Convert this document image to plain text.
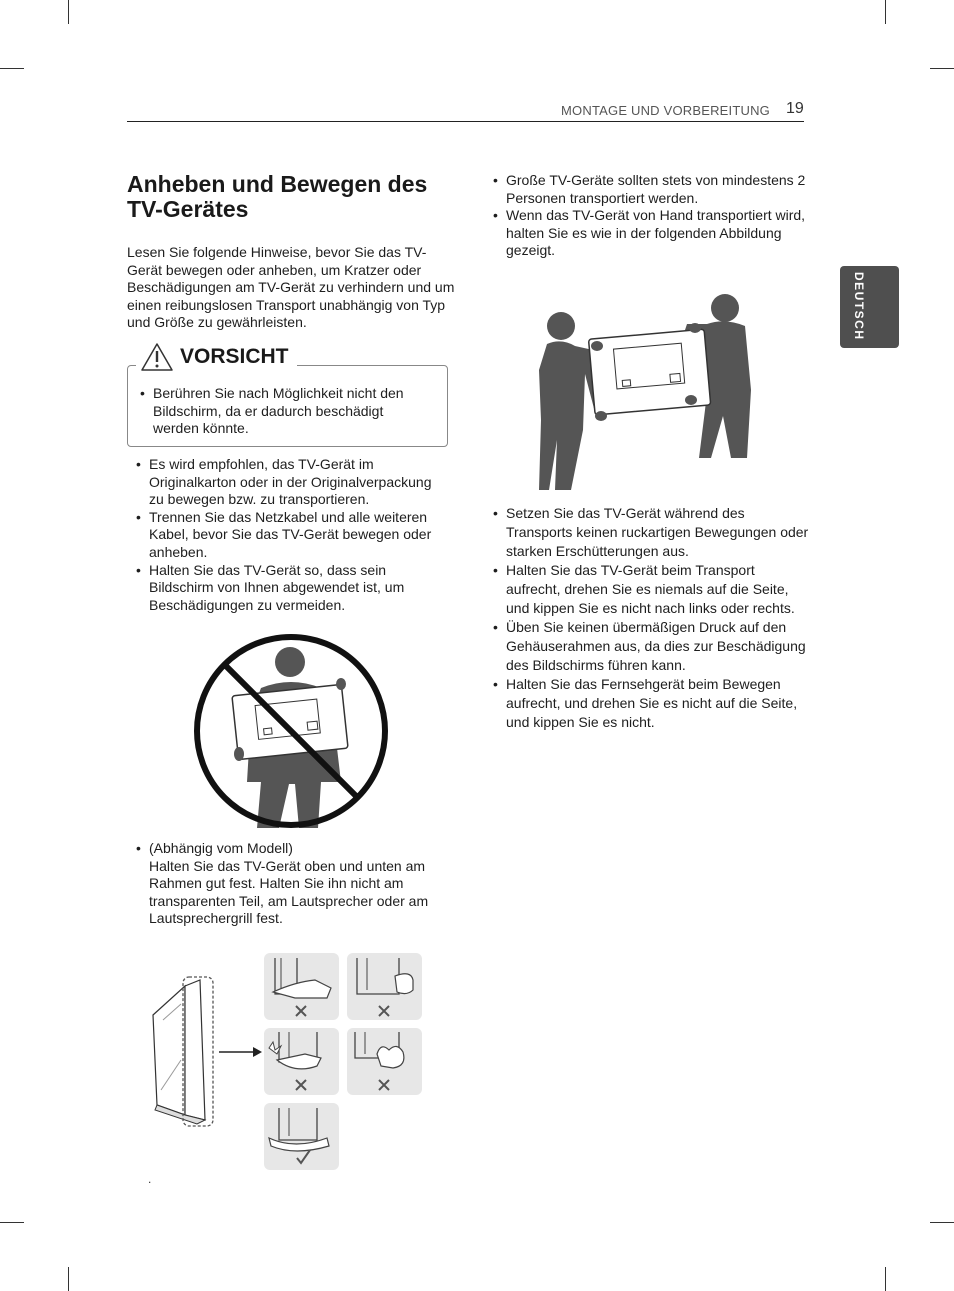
MONTAGE UND VORBEREITUNG 19
DEUTSCH
Anheben und Bewegen des TV-Gerätes

Lesen Sie folgende Hinweise, bevor Sie das TV-Gerät bewegen oder anheben, um Kratzer oder Beschädigungen am TV-Gerät zu verhindern und um einen reibungslosen Transport unabhängig von Typ und Größe zu gewährleisten.

VORSICHT
• Berühren Sie nach Möglichkeit nicht den Bildschirm, da er dadurch beschädigt werden könnte.
• Es wird empfohlen, das TV-Gerät im Originalkarton oder in der Originalverpackung zu bewegen bzw. zu transportieren.
• Trennen Sie das Netzkabel und alle weiteren Kabel, bevor Sie das TV-Gerät bewegen oder anheben.
• Halten Sie das TV-Gerät so, dass sein Bildschirm von Ihnen abgewendet ist, um Beschädigungen zu vermeiden.
• (Abhängig vom Modell)
Halten Sie das TV-Gerät oben und unten am Rahmen gut fest. Halten Sie ihn nicht am transparenten Teil, am Lautsprecher oder am Lautsprechergrill fest.
.
• Große TV-Geräte sollten stets von mindestens 2 Personen transportiert werden.
• Wenn das TV-Gerät von Hand transportiert wird, halten Sie es wie in der folgenden Abbildung gezeigt.
• Setzen Sie das TV-Gerät während des Transports keinen ruckartigen Bewegungen oder starken Erschütterungen aus.
• Halten Sie das TV-Gerät beim Transport aufrecht, drehen Sie es niemals auf die Seite, und kippen Sie es nicht nach links oder rechts.
• Üben Sie keinen übermäßigen Druck auf den Gehäuserahmen aus, da dies zur Beschädigung des Bildschirms führen kann.
• Halten Sie das Fernsehgerät beim Bewegen aufrecht, und drehen Sie es nicht auf die Seite, und kippen Sie es nicht.
